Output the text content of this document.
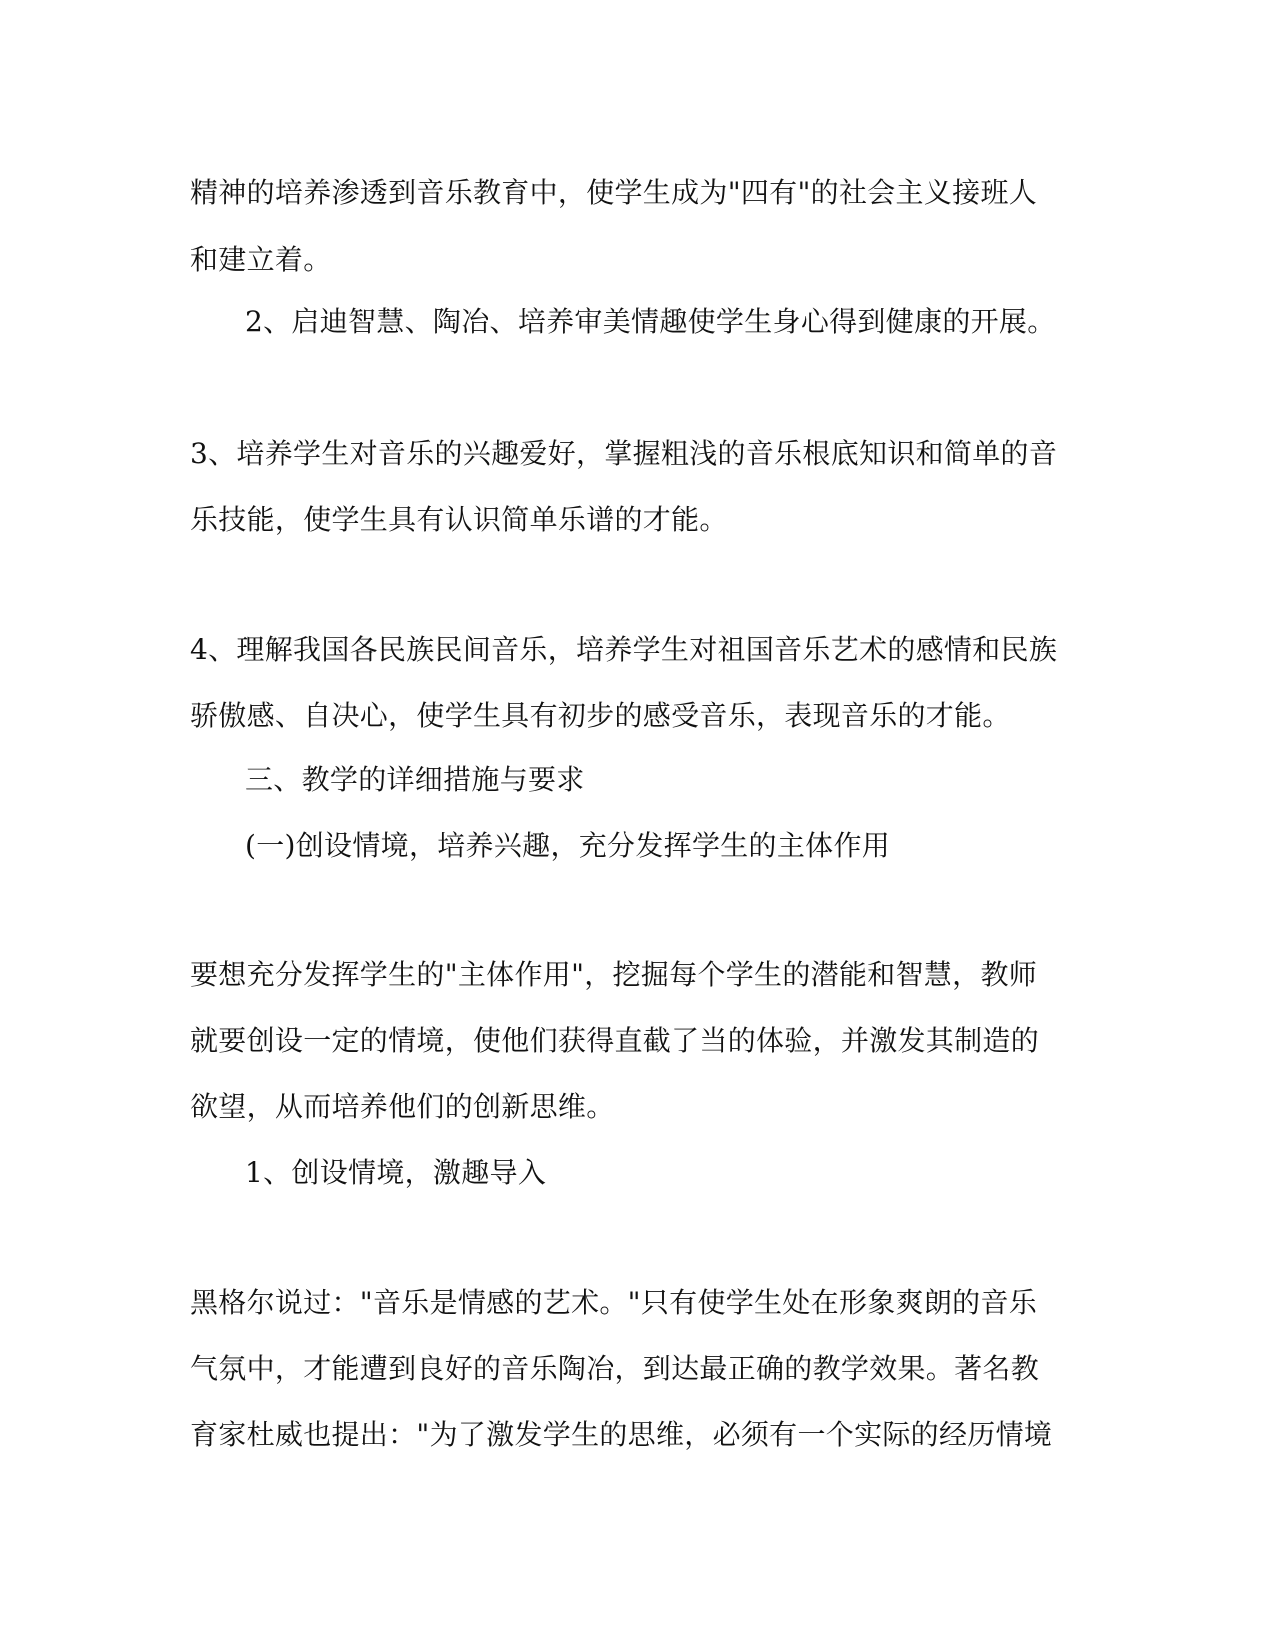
精神的培养渗透到音乐教育中，使学生成为"四有"的社会主义接班人
和建立着。
2、启迪智慧、陶冶、培养审美情趣使学生身心得到健康的开展。
3、培养学生对音乐的兴趣爱好，掌握粗浅的音乐根底知识和简单的音
乐技能，使学生具有认识简单乐谱的才能。
4、理解我国各民族民间音乐，培养学生对祖国音乐艺术的感情和民族
骄傲感、自决心，使学生具有初步的感受音乐，表现音乐的才能。
三、教学的详细措施与要求
(一)创设情境，培养兴趣，充分发挥学生的主体作用
要想充分发挥学生的"主体作用"，挖掘每个学生的潜能和智慧，教师
就要创设一定的情境，使他们获得直截了当的体验，并激发其制造的
欲望，从而培养他们的创新思维。
1、创设情境，激趣导入
黑格尔说过："音乐是情感的艺术。"只有使学生处在形象爽朗的音乐
气氛中，才能遭到良好的音乐陶冶，到达最正确的教学效果。著名教
育家杜威也提出："为了激发学生的思维，必须有一个实际的经历情境
